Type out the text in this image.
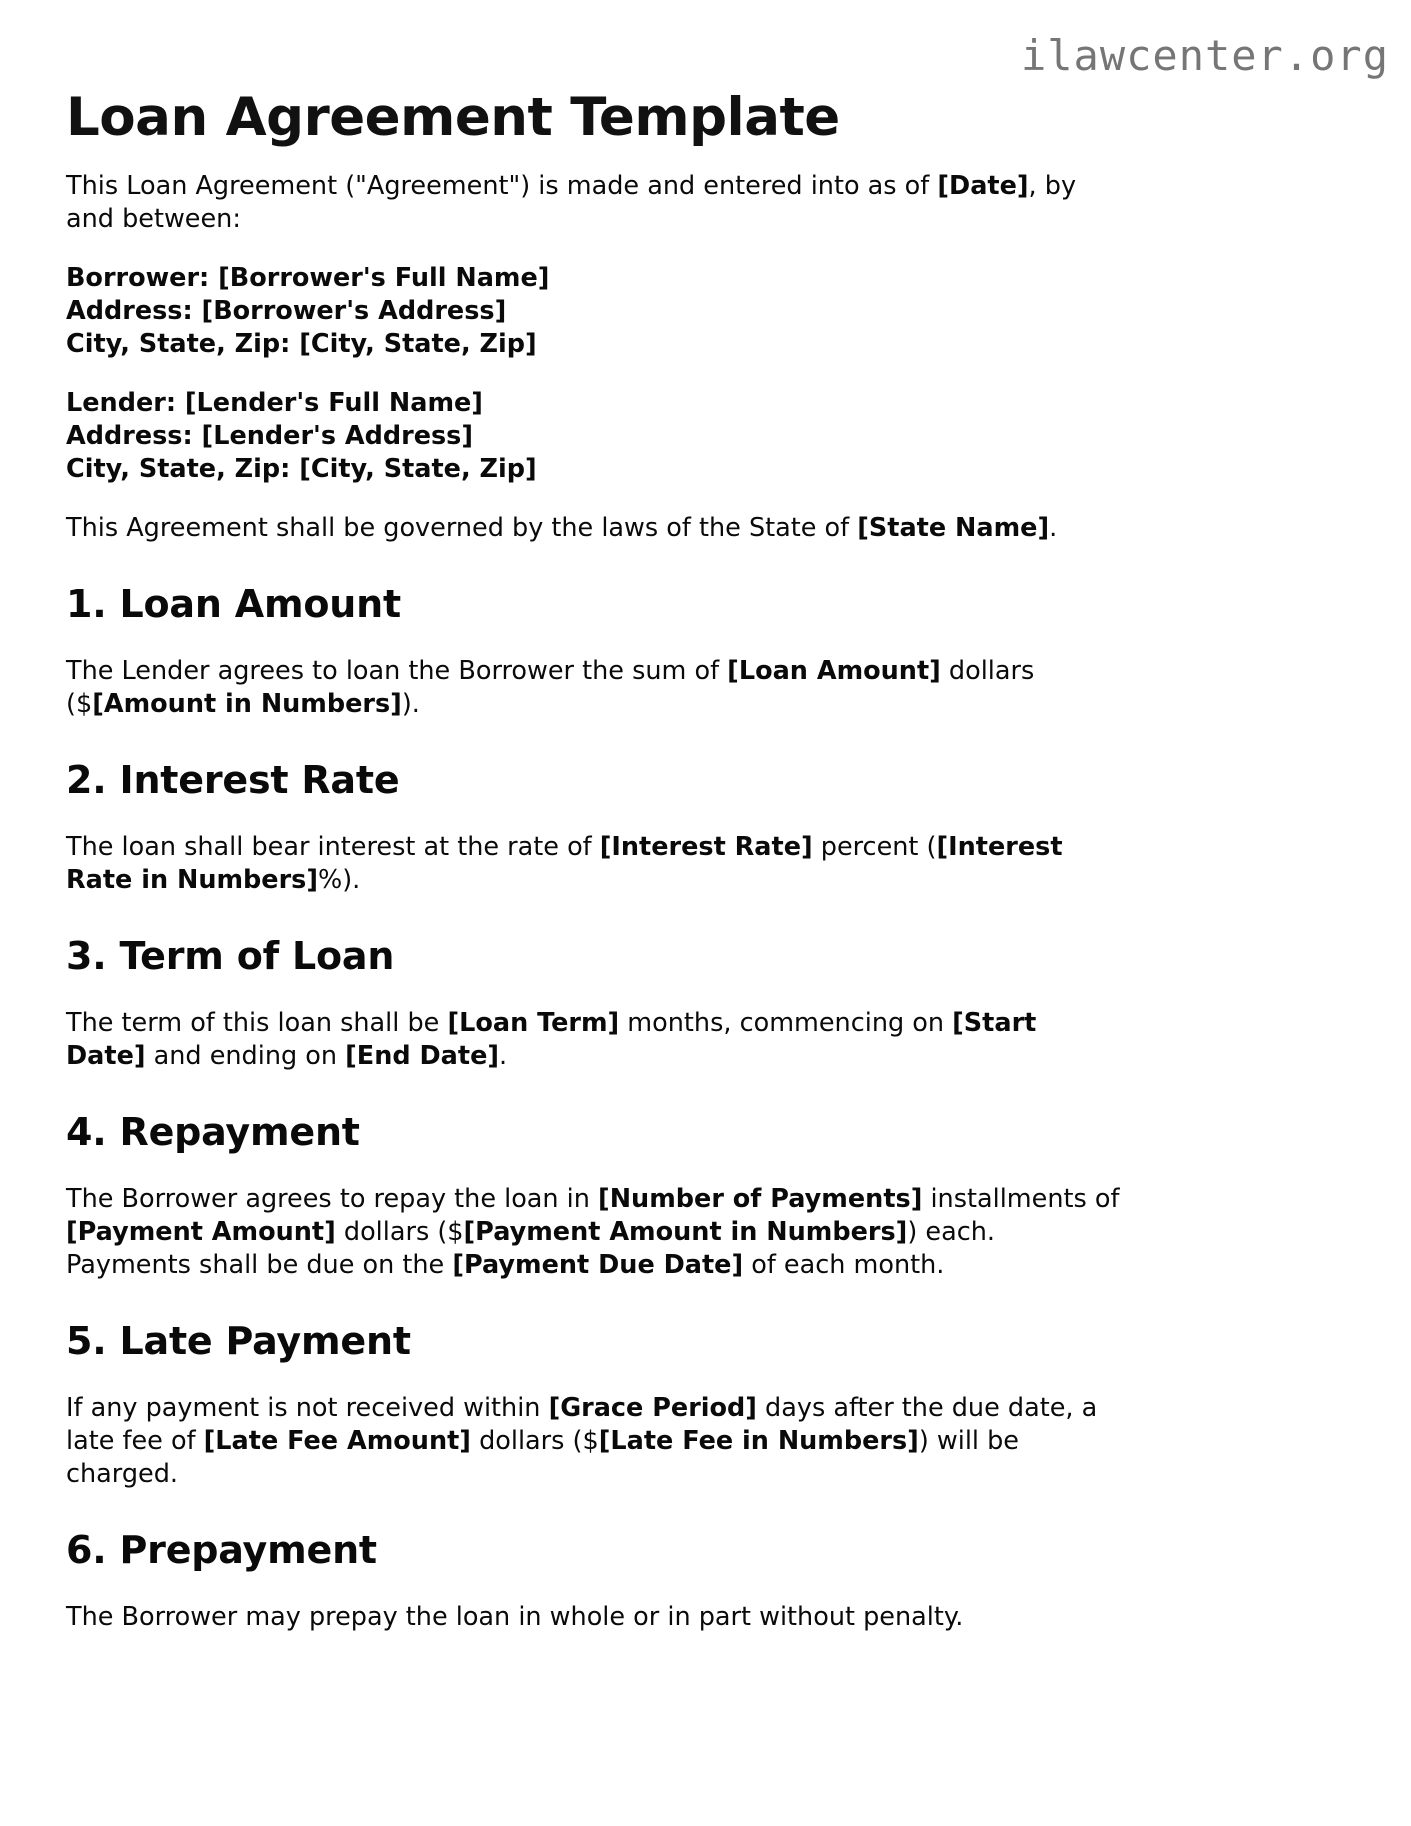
ilawcenter.org
Loan Agreement Template

This Loan Agreement ("Agreement") is made and entered into as of [Date], by and between:

Borrower: [Borrower's Full Name]
Address: [Borrower's Address]
City, State, Zip: [City, State, Zip]

Lender: [Lender's Full Name]
Address: [Lender's Address]
City, State, Zip: [City, State, Zip]

This Agreement shall be governed by the laws of the State of [State Name].

1. Loan Amount

The Lender agrees to loan the Borrower the sum of [Loan Amount] dollars ($[Amount in Numbers]).

2. Interest Rate

The loan shall bear interest at the rate of [Interest Rate] percent ([Interest Rate in Numbers]%).

3. Term of Loan

The term of this loan shall be [Loan Term] months, commencing on [Start Date] and ending on [End Date].

4. Repayment

The Borrower agrees to repay the loan in [Number of Payments] installments of [Payment Amount] dollars ($[Payment Amount in Numbers]) each. Payments shall be due on the [Payment Due Date] of each month.

5. Late Payment

If any payment is not received within [Grace Period] days after the due date, a late fee of [Late Fee Amount] dollars ($[Late Fee in Numbers]) will be charged.

6. Prepayment

The Borrower may prepay the loan in whole or in part without penalty.
